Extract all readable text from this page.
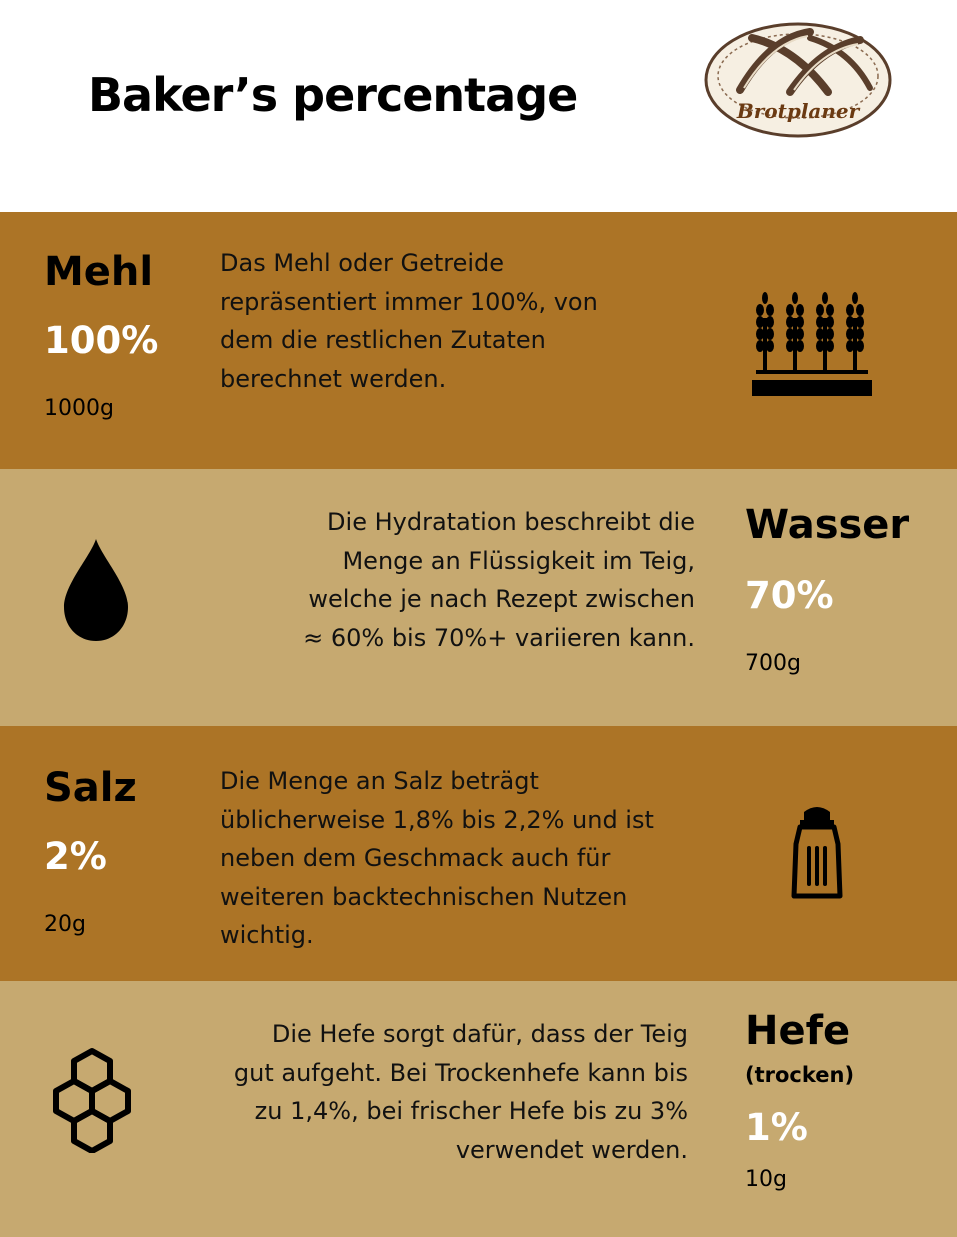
Baker’s percentage	Brotplaner
Mehl

100%

1000g

Das Mehl oder Getreide
repräsentiert immer 100%, von
dem die restlichen Zutaten
berechnet werden.
Die Hydratation beschreibt die
Menge an Flüssigkeit im Teig,
welche je nach Rezept zwischen
≈ 60% bis 70%+ variieren kann.
Wasser

70%

700g

Salz

2%

20g

Die Menge an Salz beträgt
üblicherweise 1,8% bis 2,2% und ist
neben dem Geschmack auch für
weiteren backtechnischen Nutzen
wichtig.
Die Hefe sorgt dafür, dass der Teig
gut aufgeht. Bei Trockenhefe kann bis
zu 1,4%, bei frischer Hefe bis zu 3%
verwendet werden.
Hefe

(trocken)

1%

10g
